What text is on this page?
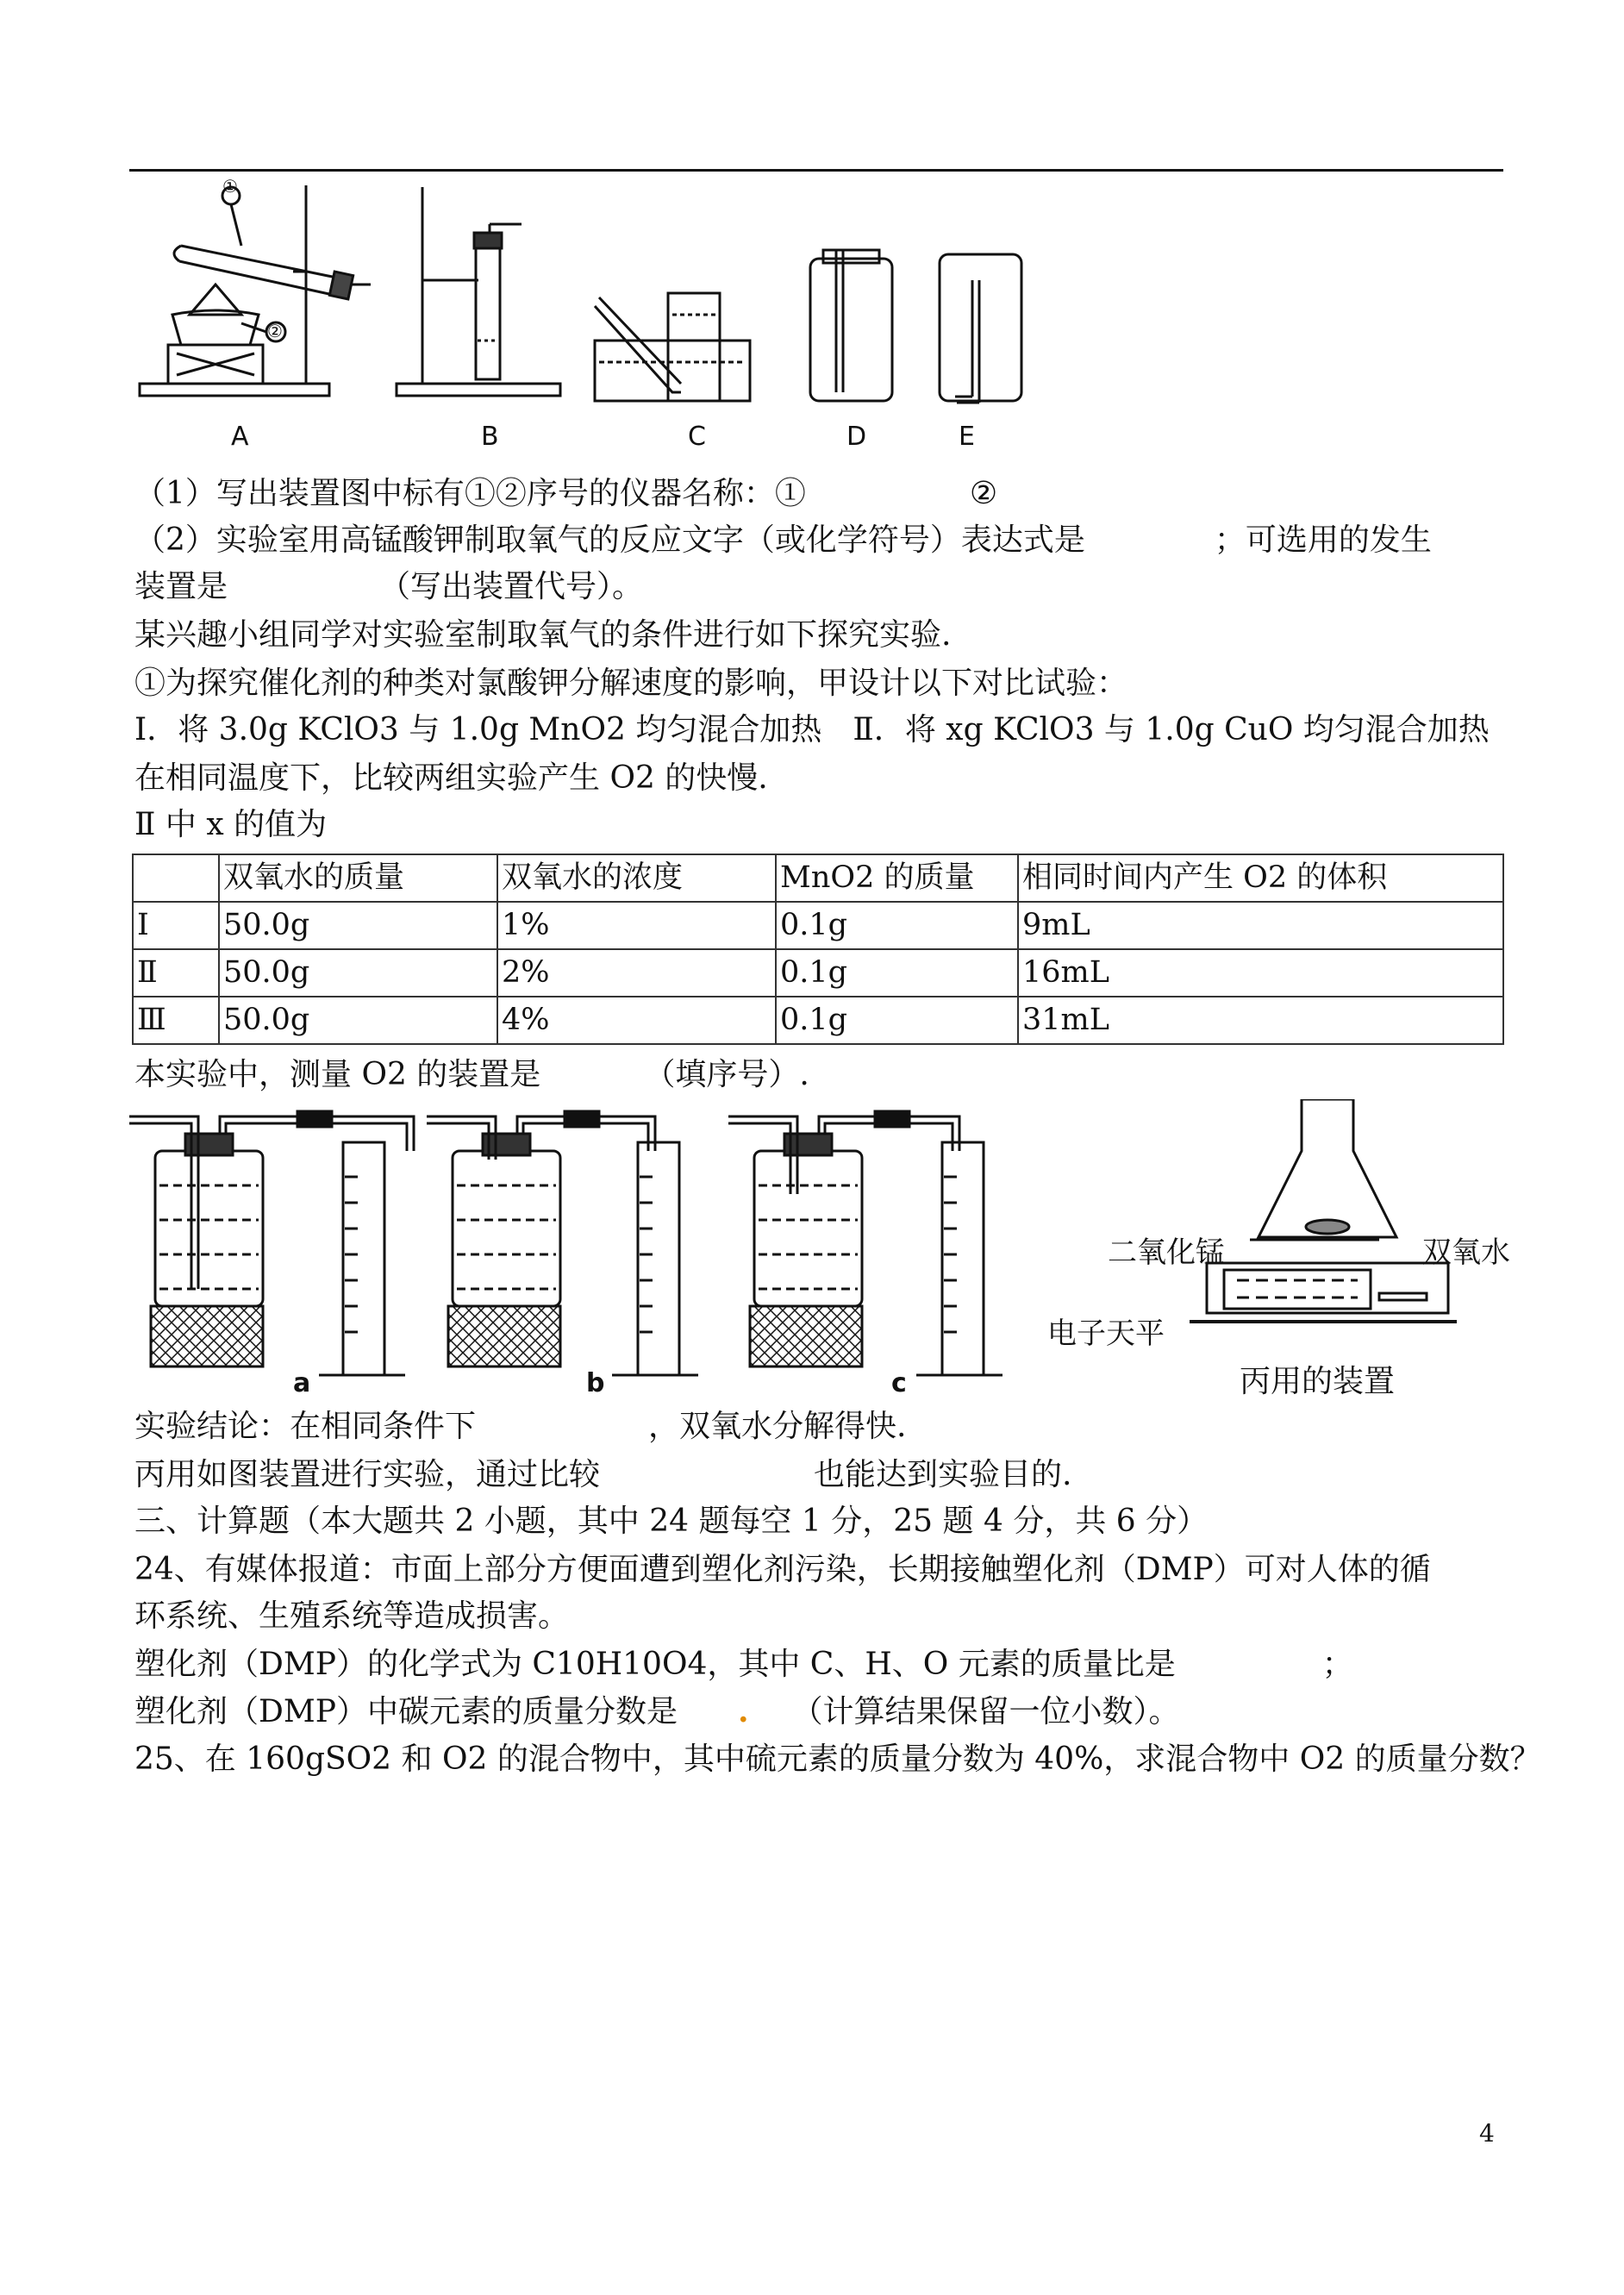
A	B	C	D	E
①
②
（1）写出装置图中标有①②序号的仪器名称：①	②
（2）实验室用高锰酸钾制取氧气的反应文字（或化学符号）表达式是	；可选用的发生
装置是	（写出装置代号）。
某兴趣小组同学对实验室制取氧气的条件进行如下探究实验.
①为探究催化剂的种类对氯酸钾分解速度的影响，甲设计以下对比试验：
Ⅰ．将 3.0g KClO3 与 1.0g MnO2 均匀混合加热 Ⅱ．将 xg KClO3 与 1.0g CuO 均匀混合加热
在相同温度下，比较两组实验产生 O2 的快慢.
Ⅱ 中 x 的值为
	双氧水的质量	双氧水的浓度	MnO2 的质量	相同时间内产生 O2 的体积
Ⅰ	50.0g	1%	0.1g	9mL
Ⅱ	50.0g	2%	0.1g	16mL
Ⅲ	50.0g	4%	0.1g	31mL
本实验中，测量 O2 的装置是	（填序号）.
a	b	c
二氧化锰	双氧水
电子天平
丙用的装置
实验结论：在相同条件下	，双氧水分解得快.
丙用如图装置进行实验，通过比较	也能达到实验目的.
三、计算题（本大题共 2 小题，其中 24 题每空 1 分，25 题 4 分，共 6 分）
24、有媒体报道：市面上部分方便面遭到塑化剂污染，长期接触塑化剂（DMP）可对人体的循
环系统、生殖系统等造成损害。
塑化剂（DMP）的化学式为 C10H10O4，其中 C、H、O 元素的质量比是	；
塑化剂（DMP）中碳元素的质量分数是 . （计算结果保留一位小数）。
25、在 160gSO2 和 O2 的混合物中，其中硫元素的质量分数为 40%，求混合物中 O2 的质量分数？
4
